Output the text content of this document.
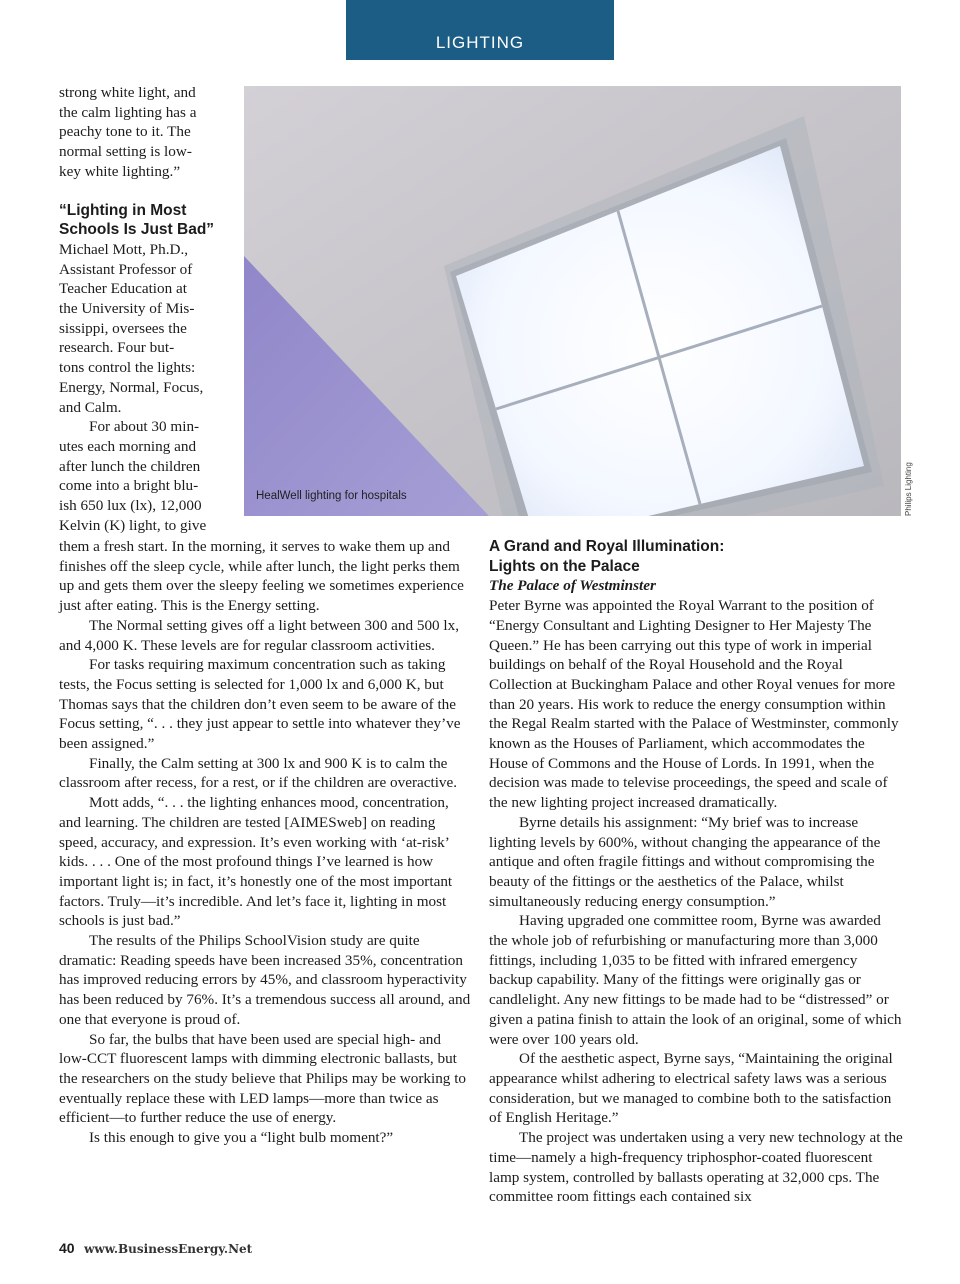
LIGHTING
HealWell lighting for hospitals	Philips Lighting

strong white light, and

the calm lighting has a

peachy tone to it. The

normal setting is low-

key white lighting.”

“Lighting in Most

Schools Is Just Bad”

Michael Mott, Ph.D.,

Assistant Professor of

Teacher Education at

the University of Mis-

sissippi, oversees the

research. Four but-

tons control the lights:

Energy, Normal, Focus,

and Calm.

For about 30 min-

utes each morning and

after lunch the children

come into a bright blu-

ish 650 lux (lx), 12,000

Kelvin (K) light, to give

them a fresh start. In the morning, it serves to wake them up and finishes off the sleep cycle, while after lunch, the light perks them up and gets them over the sleepy feeling we sometimes experience just after eating. This is the Energy setting.

The Normal setting gives off a light between 300 and 500 lx, and 4,000 K. These levels are for regular classroom activities.

For tasks requiring maximum concentration such as taking tests, the Focus setting is selected for 1,000 lx and 6,000 K, but Thomas says that the children don’t even seem to be aware of the Focus setting, “. . . they just appear to settle into whatever they’ve been assigned.”

Finally, the Calm setting at 300 lx and 900 K is to calm the classroom after recess, for a rest, or if the children are overactive.

Mott adds, “. . . the lighting enhances mood, concentration, and learning. The children are tested [AIMESweb] on reading speed, accuracy, and expression. It’s even working with ‘at-risk’ kids. . . . One of the most profound things I’ve learned is how important light is; in fact, it’s honestly one of the most important factors. Truly—it’s incredible. And let’s face it, lighting in most schools is just bad.”

The results of the Philips SchoolVision study are quite dramatic: Reading speeds have been increased 35%, concentration has improved reducing errors by 45%, and classroom hyperactivity has been reduced by 76%. It’s a tremendous success all around, and one that everyone is proud of.

So far, the bulbs that have been used are special high- and low-CCT fluorescent lamps with dimming electronic ballasts, but the researchers on the study believe that Philips may be working to eventually replace these with LED lamps—more than twice as efficient—to further reduce the use of energy.

Is this enough to give you a “light bulb moment?”

A Grand and Royal Illumination:

Lights on the Palace

The Palace of Westminster

Peter Byrne was appointed the Royal Warrant to the position of “Energy Consultant and Lighting Designer to Her Majesty The Queen.” He has been carrying out this type of work in imperial buildings on behalf of the Royal Household and the Royal Collection at Buckingham Palace and other Royal venues for more than 20 years. His work to reduce the energy consumption within the Regal Realm started with the Palace of Westminster, commonly known as the Houses of Parliament, which accommodates the House of Commons and the House of Lords. In 1991, when the decision was made to televise proceedings, the speed and scale of the new lighting project increased dramatically.

Byrne details his assignment: “My brief was to increase lighting levels by 600%, without changing the appearance of the antique and often fragile fittings and without compromising the beauty of the fittings or the aesthetics of the Palace, whilst simultaneously reducing energy consumption.”

Having upgraded one committee room, Byrne was awarded the whole job of refurbishing or manufacturing more than 3,000 fittings, including 1,035 to be fitted with infrared emergency backup capability. Many of the fittings were originally gas or candlelight. Any new fittings to be made had to be “distressed” or given a patina finish to attain the look of an original, some of which were over 100 years old.

Of the aesthetic aspect, Byrne says, “Maintaining the original appearance whilst adhering to electrical safety laws was a serious consideration, but we managed to combine both to the satisfaction of English Heritage.”

The project was undertaken using a very new technology at the time—namely a high-frequency triphosphor-coated fluorescent lamp system, controlled by ballasts operating at 32,000 cps. The committee room fittings each contained six

40 www.BusinessEnergy.Net
